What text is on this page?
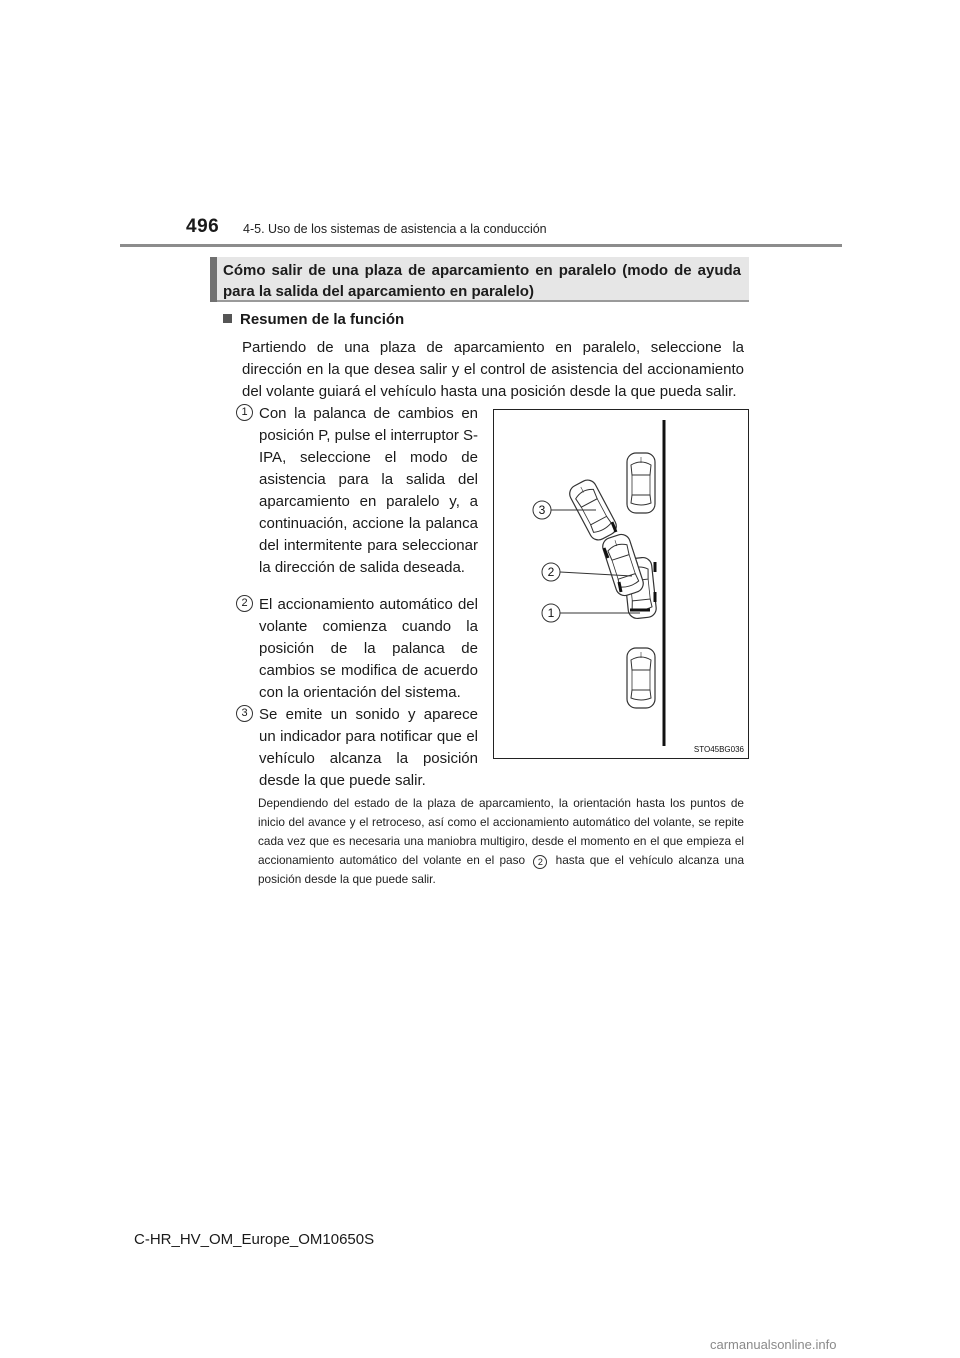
496 4-5. Uso de los sistemas de asistencia a la conducción
Cómo salir de una plaza de aparcamiento en paralelo (modo de ayuda
para la salida del aparcamiento en paralelo)
Resumen de la función
Partiendo de una plaza de aparcamiento en paralelo, seleccione la dirección en la que desea salir y el control de asistencia del accionamiento del volante guiará el vehículo hasta una posición desde la que pueda salir.
1 Con la palanca de cambios en posición P, pulse el interruptor S-IPA, seleccione el modo de asistencia para la salida del aparcamiento en paralelo y, a continuación, accione la palanca del intermitente para seleccionar la dirección de salida deseada.
2 El accionamiento automático del volante comienza cuando la posición de la palanca de cambios se modifica de acuerdo con la orientación del sistema.
3 Se emite un sonido y aparece un indicador para notificar que el vehículo alcanza la posición desde la que puede salir.
3
2
1
STO45BG036
Dependiendo del estado de la plaza de aparcamiento, la orientación hasta los puntos de inicio del avance y el retroceso, así como el accionamiento automático del volante, se repite cada vez que es necesaria una maniobra multigiro, desde el momento en el que empieza el accionamiento automático del volante en el paso 2 hasta que el vehículo alcanza una posición desde la que puede salir.
C-HR_HV_OM_Europe_OM10650S
carmanualsonline.info
